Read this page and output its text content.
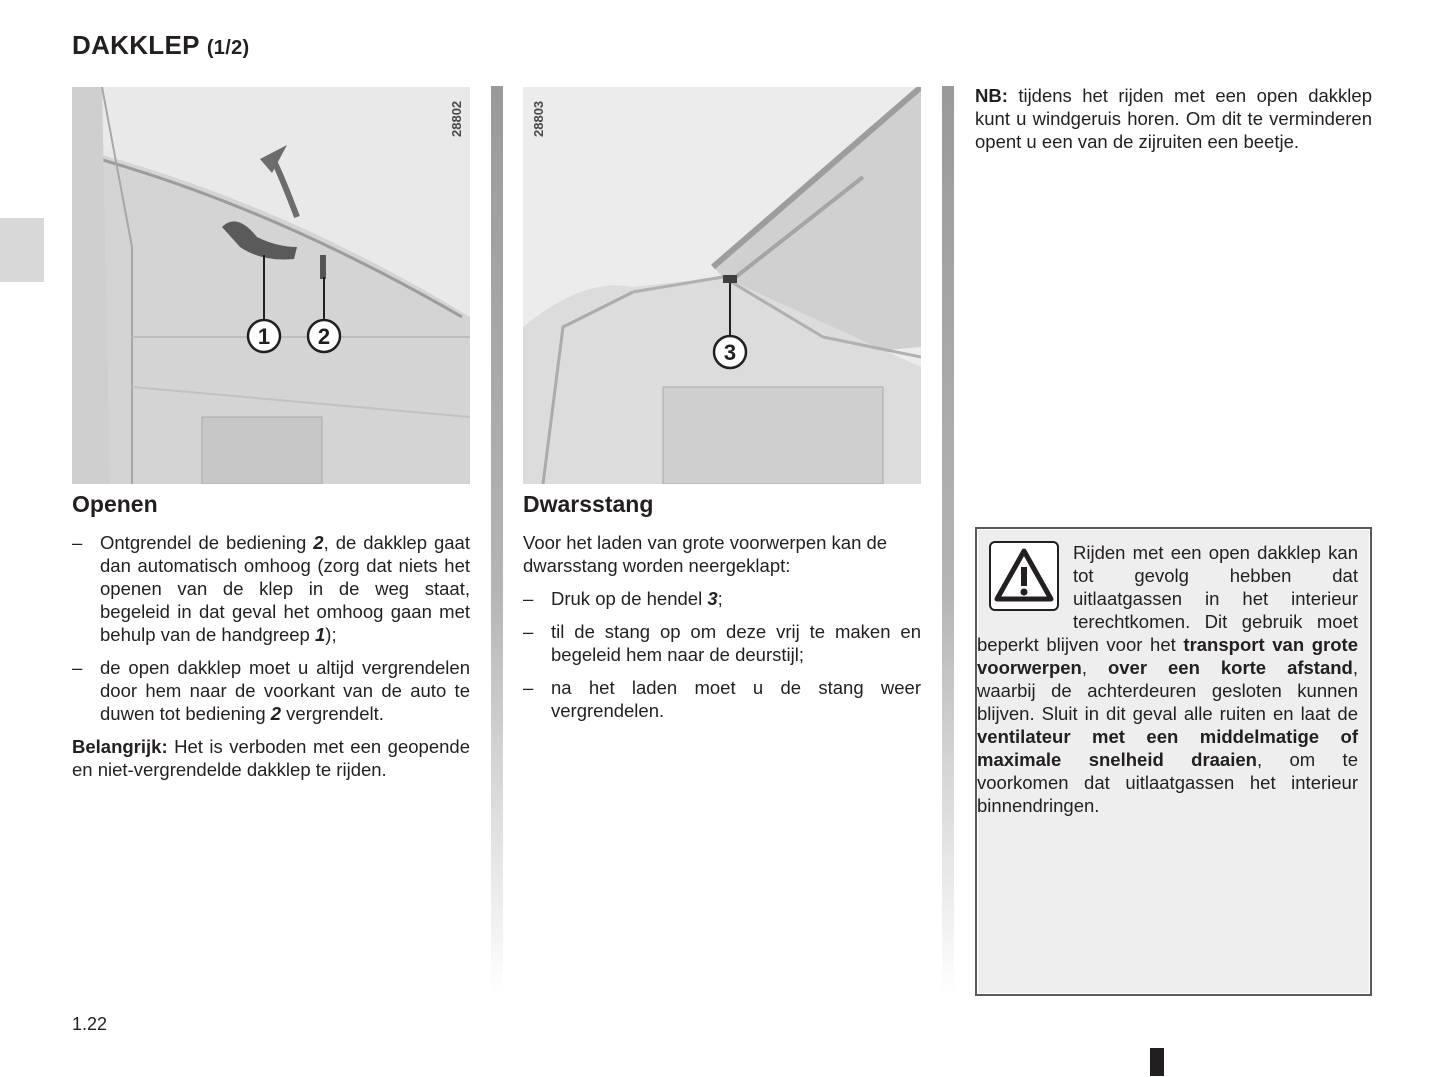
DAKKLEP (1/2)
1 2
28802
3
28803
Openen
– Ontgrendel de bediening 2, de dakklep gaat dan automatisch omhoog (zorg dat niets het openen van de klep in de weg staat, begeleid in dat geval het omhoog gaan met behulp van de handgreep 1);
– de open dakklep moet u altijd vergrendelen door hem naar de voorkant van de auto te duwen tot bediening 2 vergrendelt.

Belangrijk: Het is verboden met een geopende en niet-vergrendelde dakklep te rijden.

Dwarsstang

Voor het laden van grote voorwerpen kan de dwarsstang worden neergeklapt:

– Druk op de hendel 3;
– til de stang op om deze vrij te maken en begeleid hem naar de deurstijl;
– na het laden moet u de stang weer vergrendelen.
NB: tijdens het rijden met een open dakklep kunt u windgeruis horen. Om dit te verminderen opent u een van de zijruiten een beetje.
Rijden met een open dakklep kan tot gevolg hebben dat uitlaatgassen in het interieur terechtkomen. Dit gebruik moet beperkt blijven voor het transport van grote voorwerpen, over een korte afstand, waarbij de achterdeuren gesloten kunnen blijven. Sluit in dit geval alle ruiten en laat de ventilateur met een middelmatige of maximale snelheid draaien, om te voorkomen dat uitlaatgassen het interieur binnendringen.
1.22
